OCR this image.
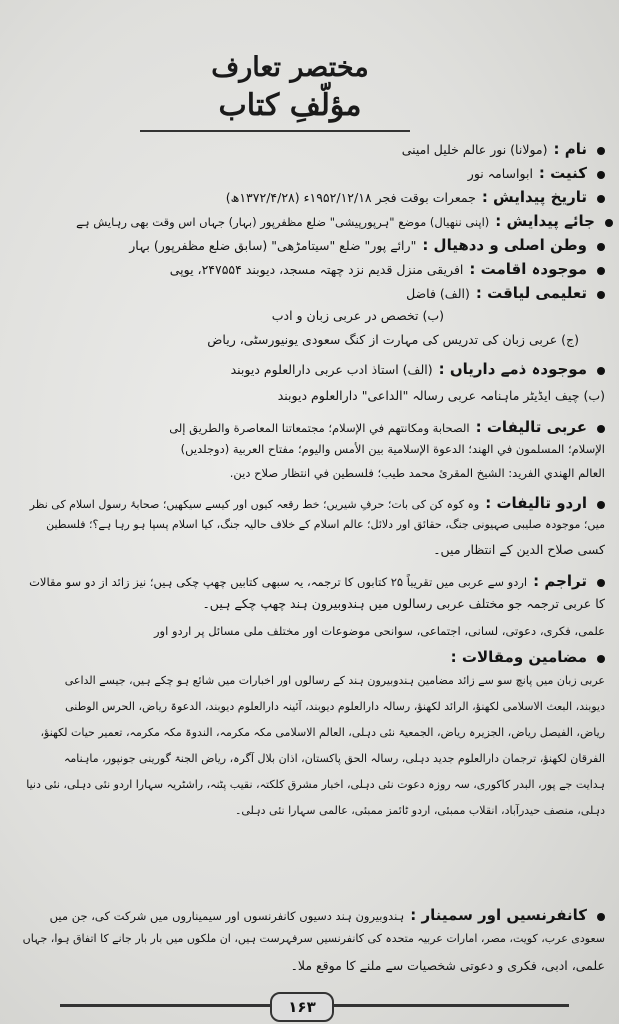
مختصر تعارف
مؤلّفِ کتاب
نام :(مولانا) نور عالم خلیل امینی
کنیت :ابواسامہ نور
تاریخ پیدایش :جمعرات بوقت فجر ۱۹۵۲/۱۲/۱۸ء (۱۳۷۲/۴/۲۸ھ)
جائے پیدایش :(اپنی ننھیال) موضع "ہرپورپیشی" ضلع مظفرپور (بہار) جہاں اس وقت بھی رہایش ہے
وطن اصلی و ددھیال :"رائے پور" ضلع "سیتامڑھی" (سابق ضلع مظفرپور) بہار
موجودہ اقامت :افریقی منزل قدیم نزد چھتہ مسجد، دیوبند ۲۴۷۵۵۴، یوپی
تعلیمی لیاقت :(الف) فاضل
(ب) تخصص در عربی زبان و ادب
(ج) عربی زبان کی تدریس کی مہارت از کنگ سعودی یونیورسٹی، ریاض
موجودہ ذمے داریاں :(الف) استاذ ادب عربی دارالعلوم دیوبند
(ب) چیف ایڈیٹر ماہنامہ عربی رسالہ "الداعی" دارالعلوم دیوبند
عربی تالیفات :الصحابة ومكانتهم في الإسلام؛ مجتمعاتنا المعاصرة والطريق إلى
الإسلام؛ المسلمون في الهند؛ الدعوة الإسلامية بين الأمس واليوم؛ مفتاح العربية (دوجلدیں)
العالم الهندي الفريد: الشيخ المقرئ محمد طيب؛ فلسطين في انتظار صلاح دين.
اردو تالیفات :وہ کوہ کن کی بات؛ حرفِ شیریں؛ خط رقعہ کیوں اور کیسے سیکھیں؛ صحابۂ رسول اسلام کی نظر
میں؛ موجودہ صلیبی صہیونی جنگ، حقائق اور دلائل؛ عالمِ اسلام کے خلاف حالیہ جنگ، کیا اسلام پسپا ہو رہا ہے؟؛ فلسطین
کسی صلاح الدین کے انتظار میں۔
تراجم :اردو سے عربی میں تقریباً ۲۵ کتابوں کا ترجمہ، یہ سبھی کتابیں چھپ چکی ہیں؛ نیز زائد از دو سو مقالات
کا عربی ترجمہ جو مختلف عربی رسالوں میں ہندوبیرون ہند چھپ چکے ہیں۔
علمی، فکری، دعوتی، لسانی، اجتماعی، سوانحی موضوعات اور مختلف ملی مسائل پر اردو اور
مضامین ومقالات :
عربی زبان میں پانچ سو سے زائد مضامین ہندوبیرون ہند کے رسالوں اور اخبارات میں شائع ہو چکے ہیں، جیسے الداعی
دیوبند، البعث الاسلامی لکھنؤ، الرائد لکھنؤ، رسالہ دارالعلوم دیوبند، آئینہ دارالعلوم دیوبند، الدعوۃ ریاض، الحرس الوطنی
ریاض، الفیصل ریاض، الجزیرہ ریاض، الجمعیۃ نئی دہلی، العالم الاسلامی مکہ مکرمہ، الندوۃ مکہ مکرمہ، تعمیر حیات لکھنؤ،
الفرقان لکھنؤ، ترجمان دارالعلوم جدید دہلی، رسالہ الحق پاکستان، اذان بلال آگرہ، ریاض الجنۃ گورینی جونپور، ماہنامہ
ہدایت جے پور، البدر کاکوری، سہ روزہ دعوت نئی دہلی، اخبار مشرق کلکتہ، نقیب پٹنہ، راشٹریہ سہارا اردو نئی دہلی، نئی دنیا
دہلی، منصف حیدرآباد، انقلاب ممبئی، اردو ٹائمز ممبئی، عالمی سہارا نئی دہلی۔
کانفرنسیں اور سمینار :ہندوبیرون ہند دسیوں کانفرنسوں اور سیمیناروں میں شرکت کی، جن میں
سعودی عرب، کویت، مصر، امارات عربیہ متحدہ کی کانفرنسیں سرفہرست ہیں، ان ملکوں میں بار بار جانے کا اتفاق ہوا، جہاں
علمی، ادبی، فکری و دعوتی شخصیات سے ملنے کا موقع ملا۔
۱۶۳
